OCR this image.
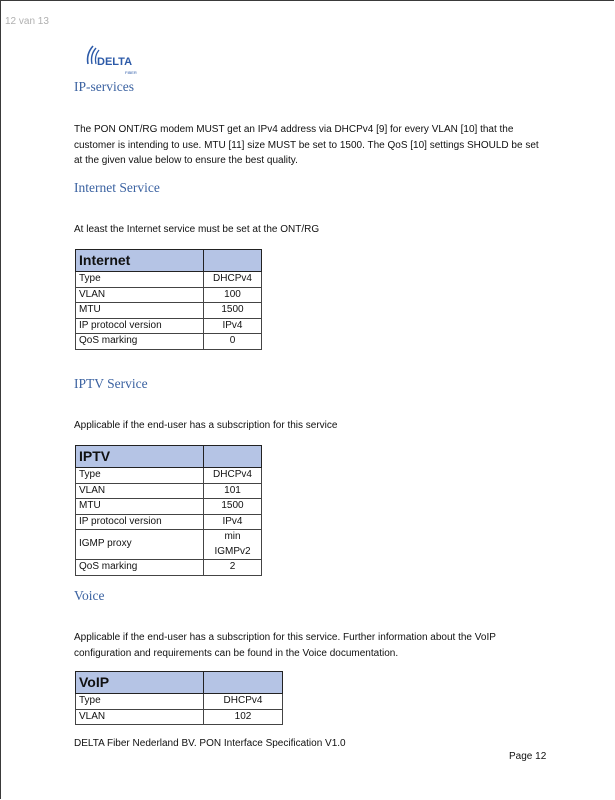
12 van 13
DELTA
FIBER
IP-services
The PON ONT/RG modem MUST get an IPv4 address via DHCPv4 [9] for every VLAN [10] that the customer is intending to use. MTU [11] size MUST be set to 1500. The QoS [10] settings SHOULD be set at the given value below to ensure the best quality.
Internet Service
At least the Internet service must be set at the ONT/RG
Internet	
Type	DHCPv4
VLAN	100
MTU	1500
IP protocol version	IPv4
QoS marking	0
IPTV Service
Applicable if the end-user has a subscription for this service
IPTV	
Type	DHCPv4
VLAN	101
MTU	1500
IP protocol version	IPv4
IGMP proxy	min IGMPv2
QoS marking	2
Voice
Applicable if the end-user has a subscription for this service. Further information about the VoIP configuration and requirements can be found in the Voice documentation.
VoIP	
Type	DHCPv4
VLAN	102
DELTA Fiber Nederland BV. PON Interface Specification V1.0
Page 12
